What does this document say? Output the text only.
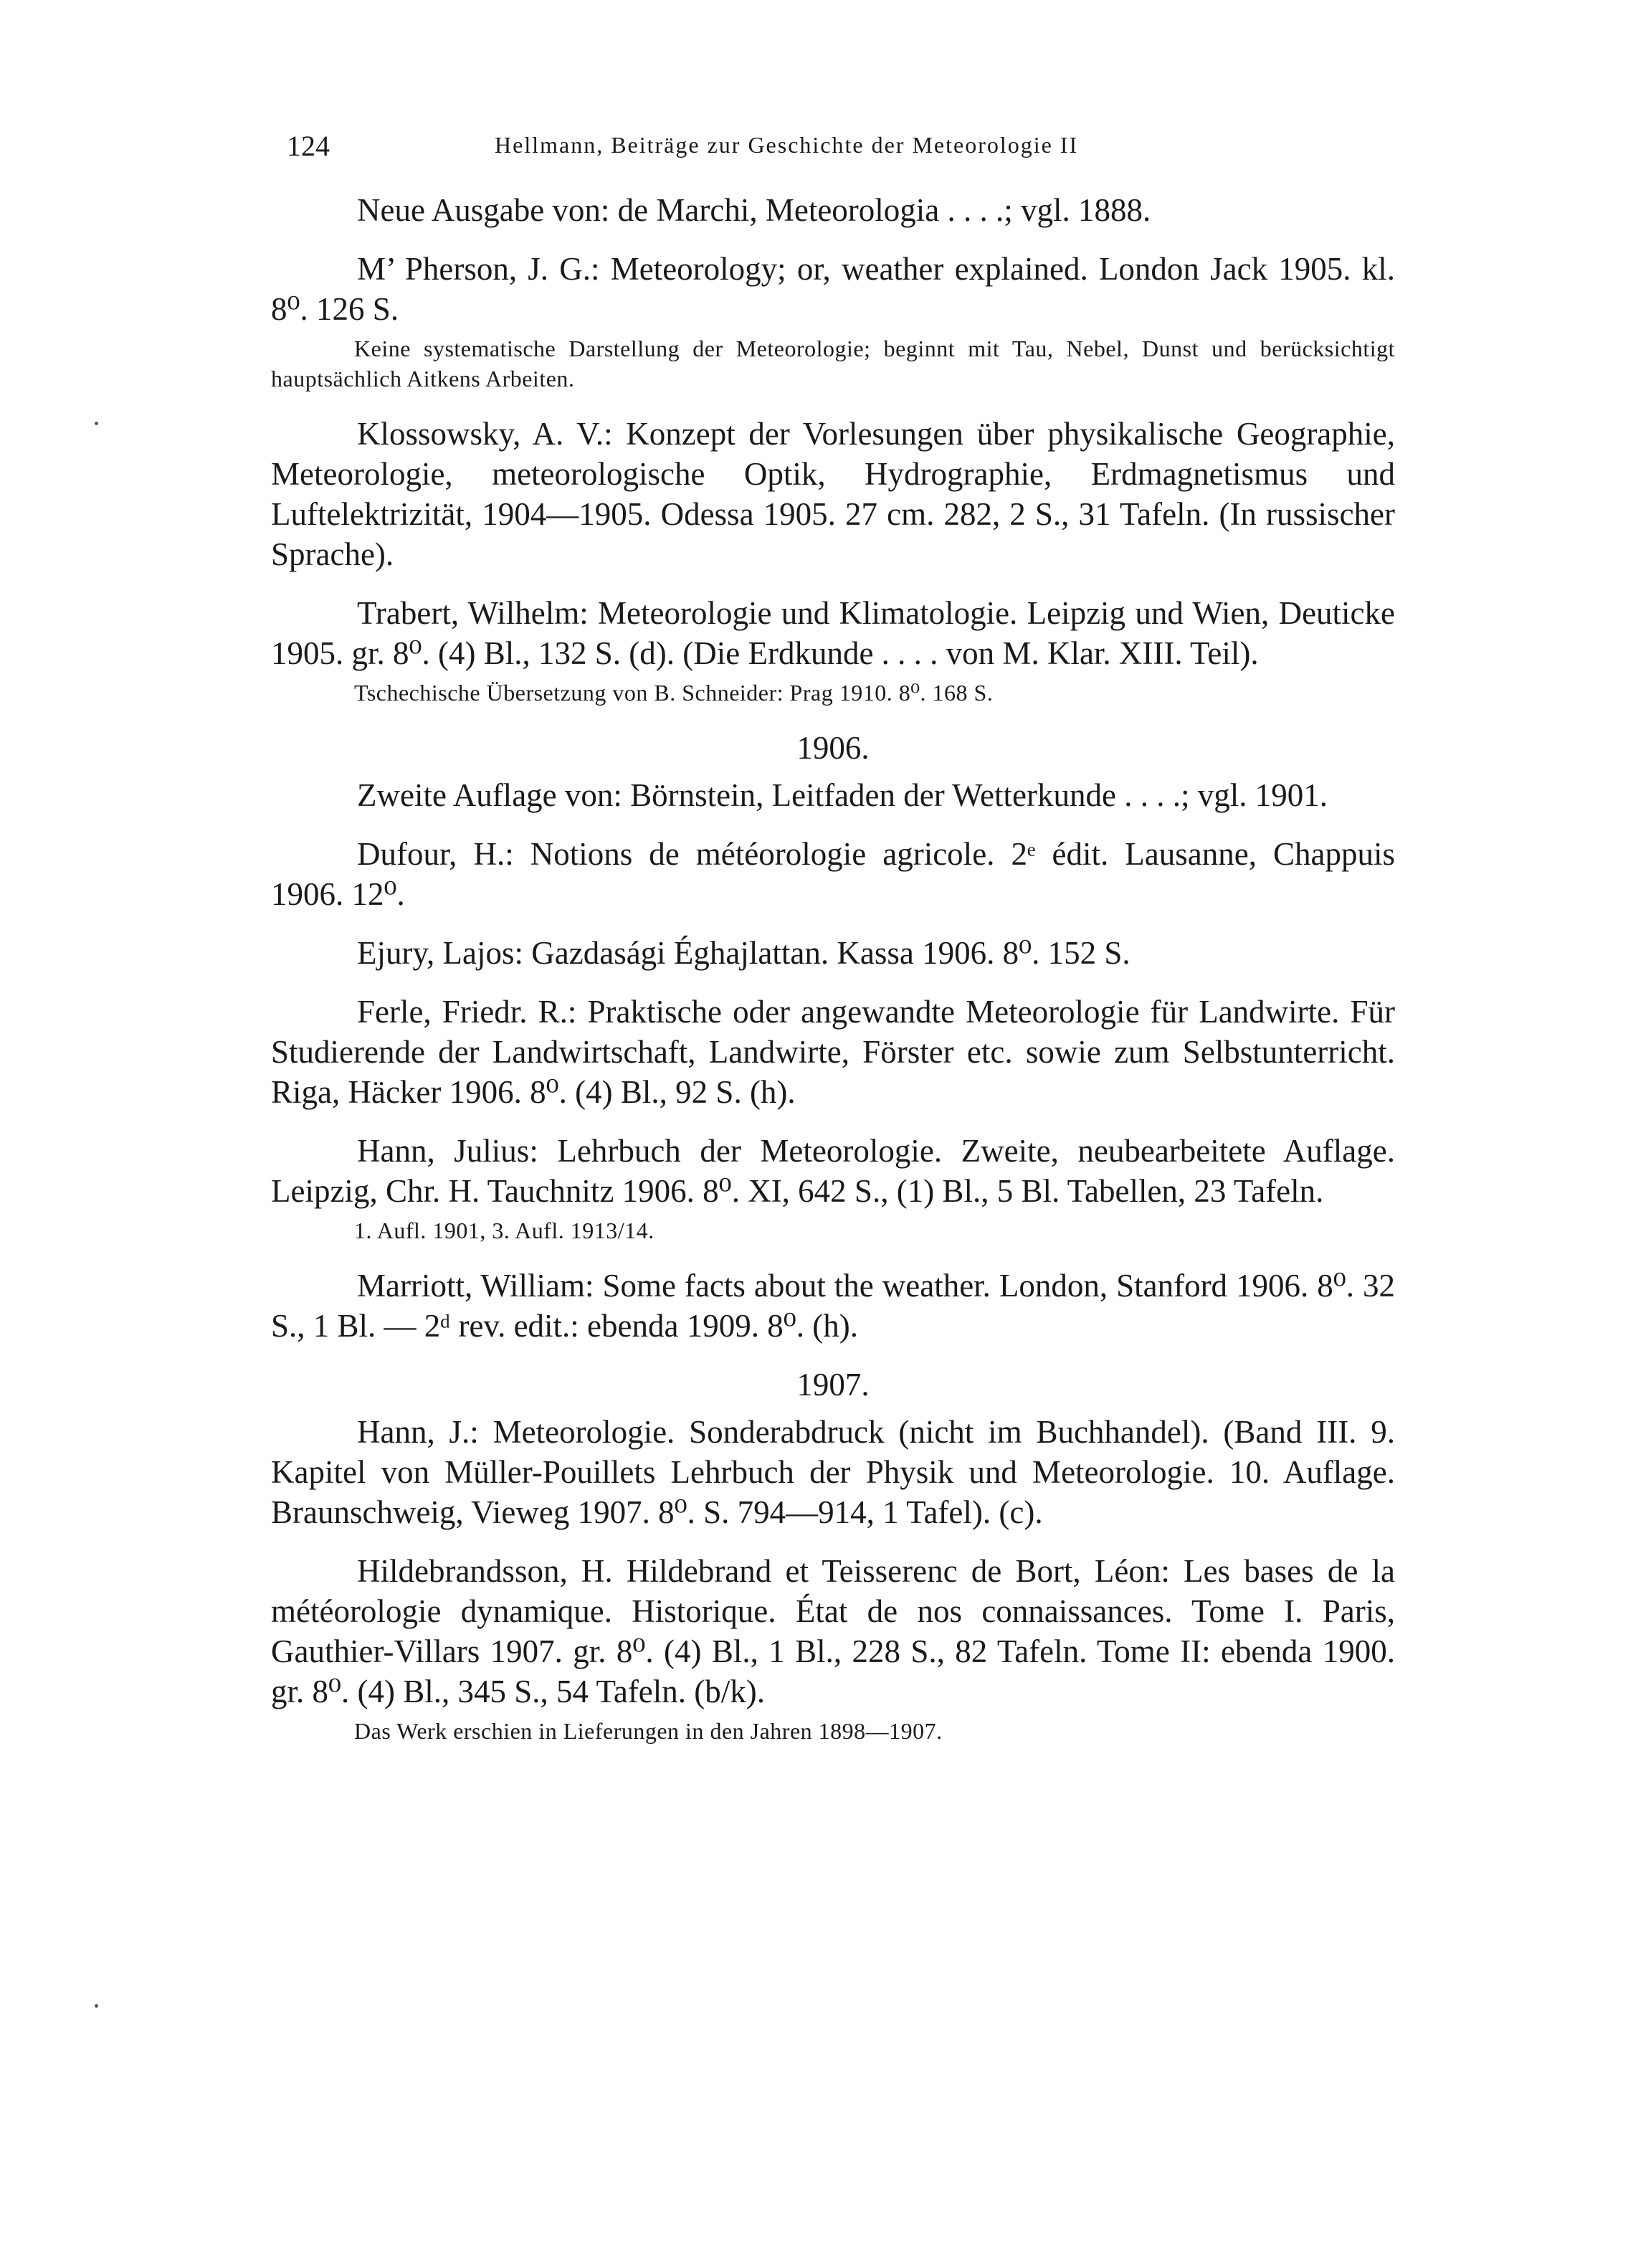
124	Hellmann, Beiträge zur Geschichte der Meteorologie II

Neue Ausgabe von: de Marchi, Meteorologia . . . .; vgl. 1888.

M’ Pherson, J. G.: Meteorology; or, weather explained. London Jack 1905. kl. 8⁰. 126 S.

Keine systematische Darstellung der Meteorologie; beginnt mit Tau, Nebel, Dunst und berücksichtigt hauptsächlich Aitkens Arbeiten.

Klossowsky, A. V.: Konzept der Vorlesungen über physikalische Geographie, Meteorologie, meteorologische Optik, Hydrographie, Erdmagnetismus und Luftelektrizität, 1904—1905. Odessa 1905. 27 cm. 282, 2 S., 31 Tafeln. (In russischer Sprache).

Trabert, Wilhelm: Meteorologie und Klimatologie. Leipzig und Wien, Deuticke 1905. gr. 8⁰. (4) Bl., 132 S. (d). (Die Erdkunde . . . . von M. Klar. XIII. Teil).

Tschechische Übersetzung von B. Schneider: Prag 1910. 8⁰. 168 S.

1906.

Zweite Auflage von: Börnstein, Leitfaden der Wetterkunde . . . .; vgl. 1901.

Dufour, H.: Notions de météorologie agricole. 2ᵉ édit. Lausanne, Chappuis 1906. 12⁰.

Ejury, Lajos: Gazdasági Éghajlattan. Kassa 1906. 8⁰. 152 S.

Ferle, Friedr. R.: Praktische oder angewandte Meteorologie für Landwirte. Für Studierende der Landwirtschaft, Landwirte, Förster etc. sowie zum Selbstunterricht. Riga, Häcker 1906. 8⁰. (4) Bl., 92 S. (h).

Hann, Julius: Lehrbuch der Meteorologie. Zweite, neubearbeitete Auflage. Leipzig, Chr. H. Tauchnitz 1906. 8⁰. XI, 642 S., (1) Bl., 5 Bl. Tabellen, 23 Tafeln.

1. Aufl. 1901, 3. Aufl. 1913/14.

Marriott, William: Some facts about the weather. London, Stanford 1906. 8⁰. 32 S., 1 Bl. — 2ᵈ rev. edit.: ebenda 1909. 8⁰. (h).

1907.

Hann, J.: Meteorologie. Sonderabdruck (nicht im Buchhandel). (Band III. 9. Kapitel von Müller-Pouillets Lehrbuch der Physik und Meteorologie. 10. Auflage. Braunschweig, Vieweg 1907. 8⁰. S. 794—914, 1 Tafel). (c).

Hildebrandsson, H. Hildebrand et Teisserenc de Bort, Léon: Les bases de la météorologie dynamique. Historique. État de nos connaissances. Tome I. Paris, Gauthier-Villars 1907. gr. 8⁰. (4) Bl., 1 Bl., 228 S., 82 Tafeln. Tome II: ebenda 1900. gr. 8⁰. (4) Bl., 345 S., 54 Tafeln. (b/k).

Das Werk erschien in Lieferungen in den Jahren 1898—1907.
